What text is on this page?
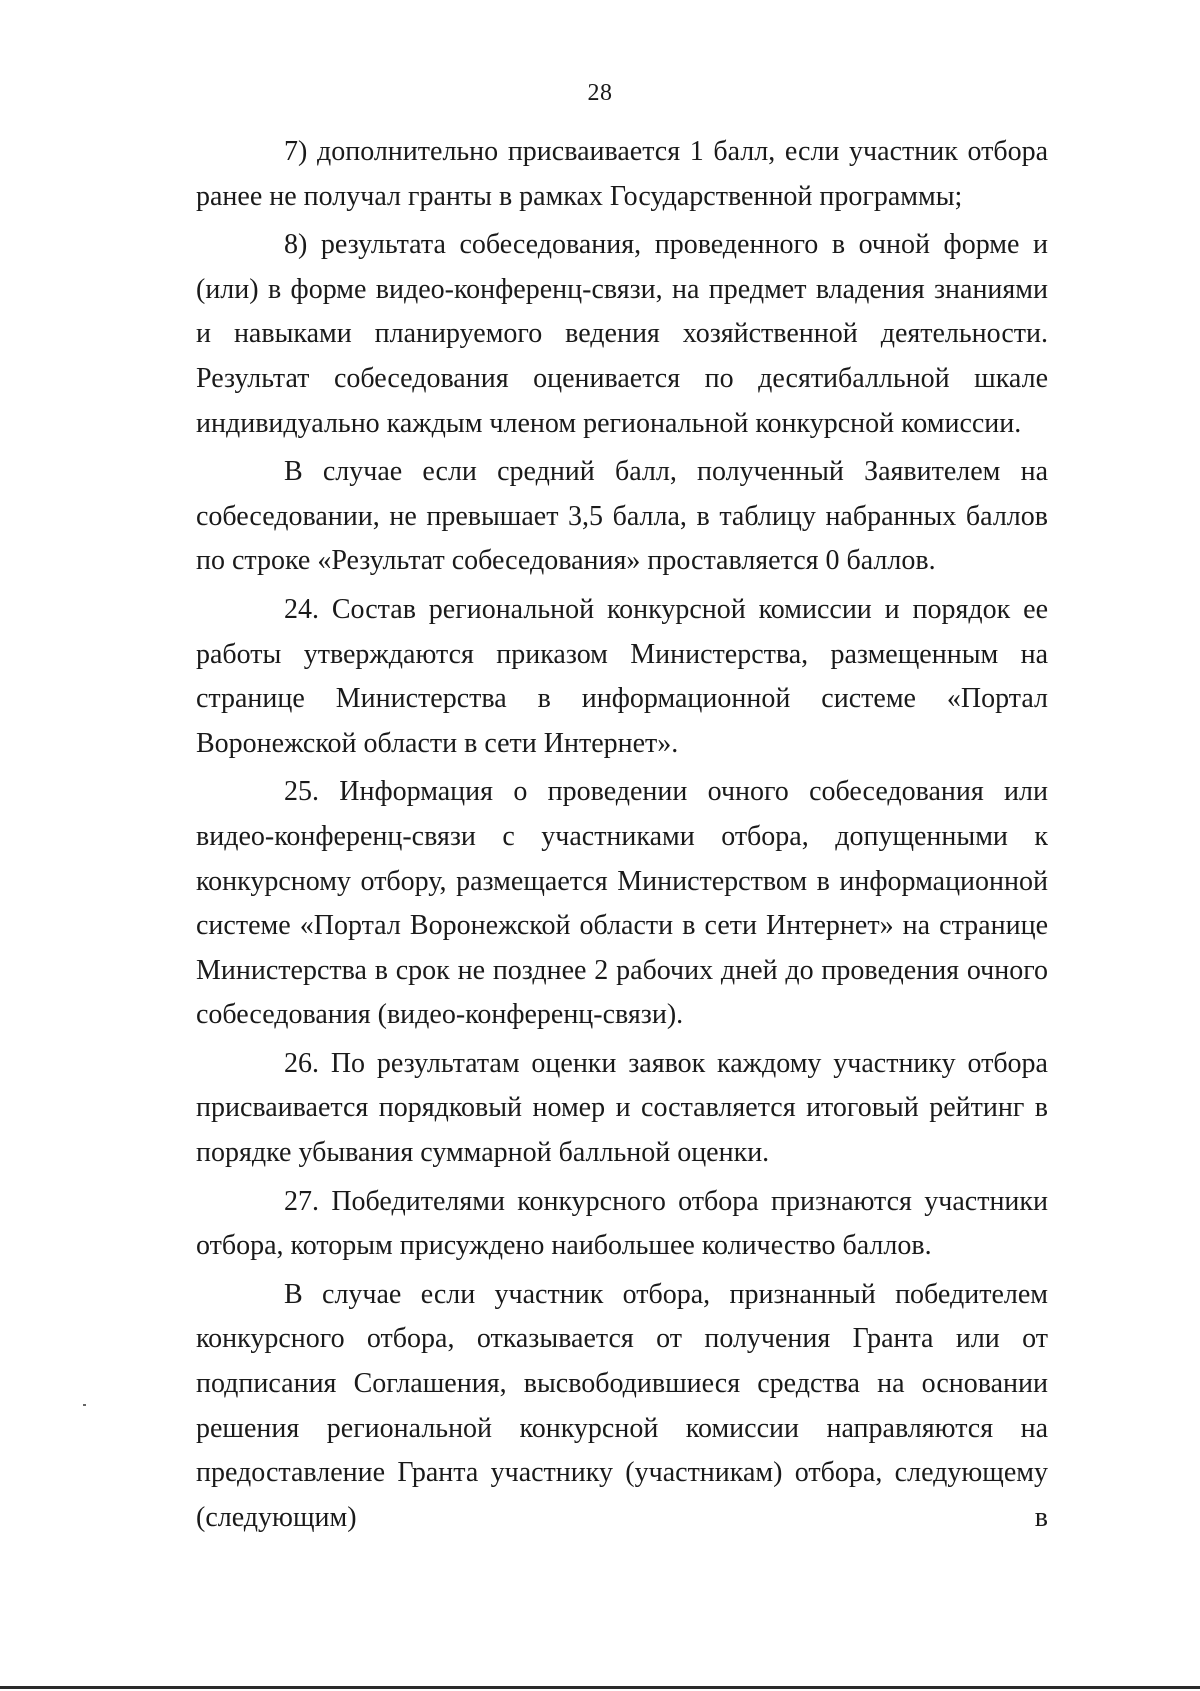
28

7) дополнительно присваивается 1 балл, если участник отбора ранее не получал гранты в рамках Государственной программы;

8) результата собеседования, проведенного в очной форме и (или) в форме видео-конференц-связи, на предмет владения знаниями и навыками планируемого ведения хозяйственной деятельности. Результат собеседования оценивается по десятибалльной шкале индивидуально каждым членом региональной конкурсной комиссии.

В случае если средний балл, полученный Заявителем на собеседовании, не превышает 3,5 балла, в таблицу набранных баллов по строке «Результат собеседования» проставляется 0 баллов.

24. Состав региональной конкурсной комиссии и порядок ее работы утверждаются приказом Министерства, размещенным на странице Министерства в информационной системе «Портал Воронежской области в сети Интернет».

25. Информация о проведении очного собеседования или видео-конференц-связи с участниками отбора, допущенными к конкурсному отбору, размещается Министерством в информационной системе «Портал Воронежской области в сети Интернет» на странице Министерства в срок не позднее 2 рабочих дней до проведения очного собеседования (видео-конференц-связи).

26. По результатам оценки заявок каждому участнику отбора присваивается порядковый номер и составляется итоговый рейтинг в порядке убывания суммарной балльной оценки.

27. Победителями конкурсного отбора признаются участники отбора, которым присуждено наибольшее количество баллов.

В случае если участник отбора, признанный победителем конкурсного отбора, отказывается от получения Гранта или от подписания Соглашения, высвободившиеся средства на основании решения региональной конкурсной комиссии направляются на предоставление Гранта участнику (участникам) отбора, следующему (следующим) в
